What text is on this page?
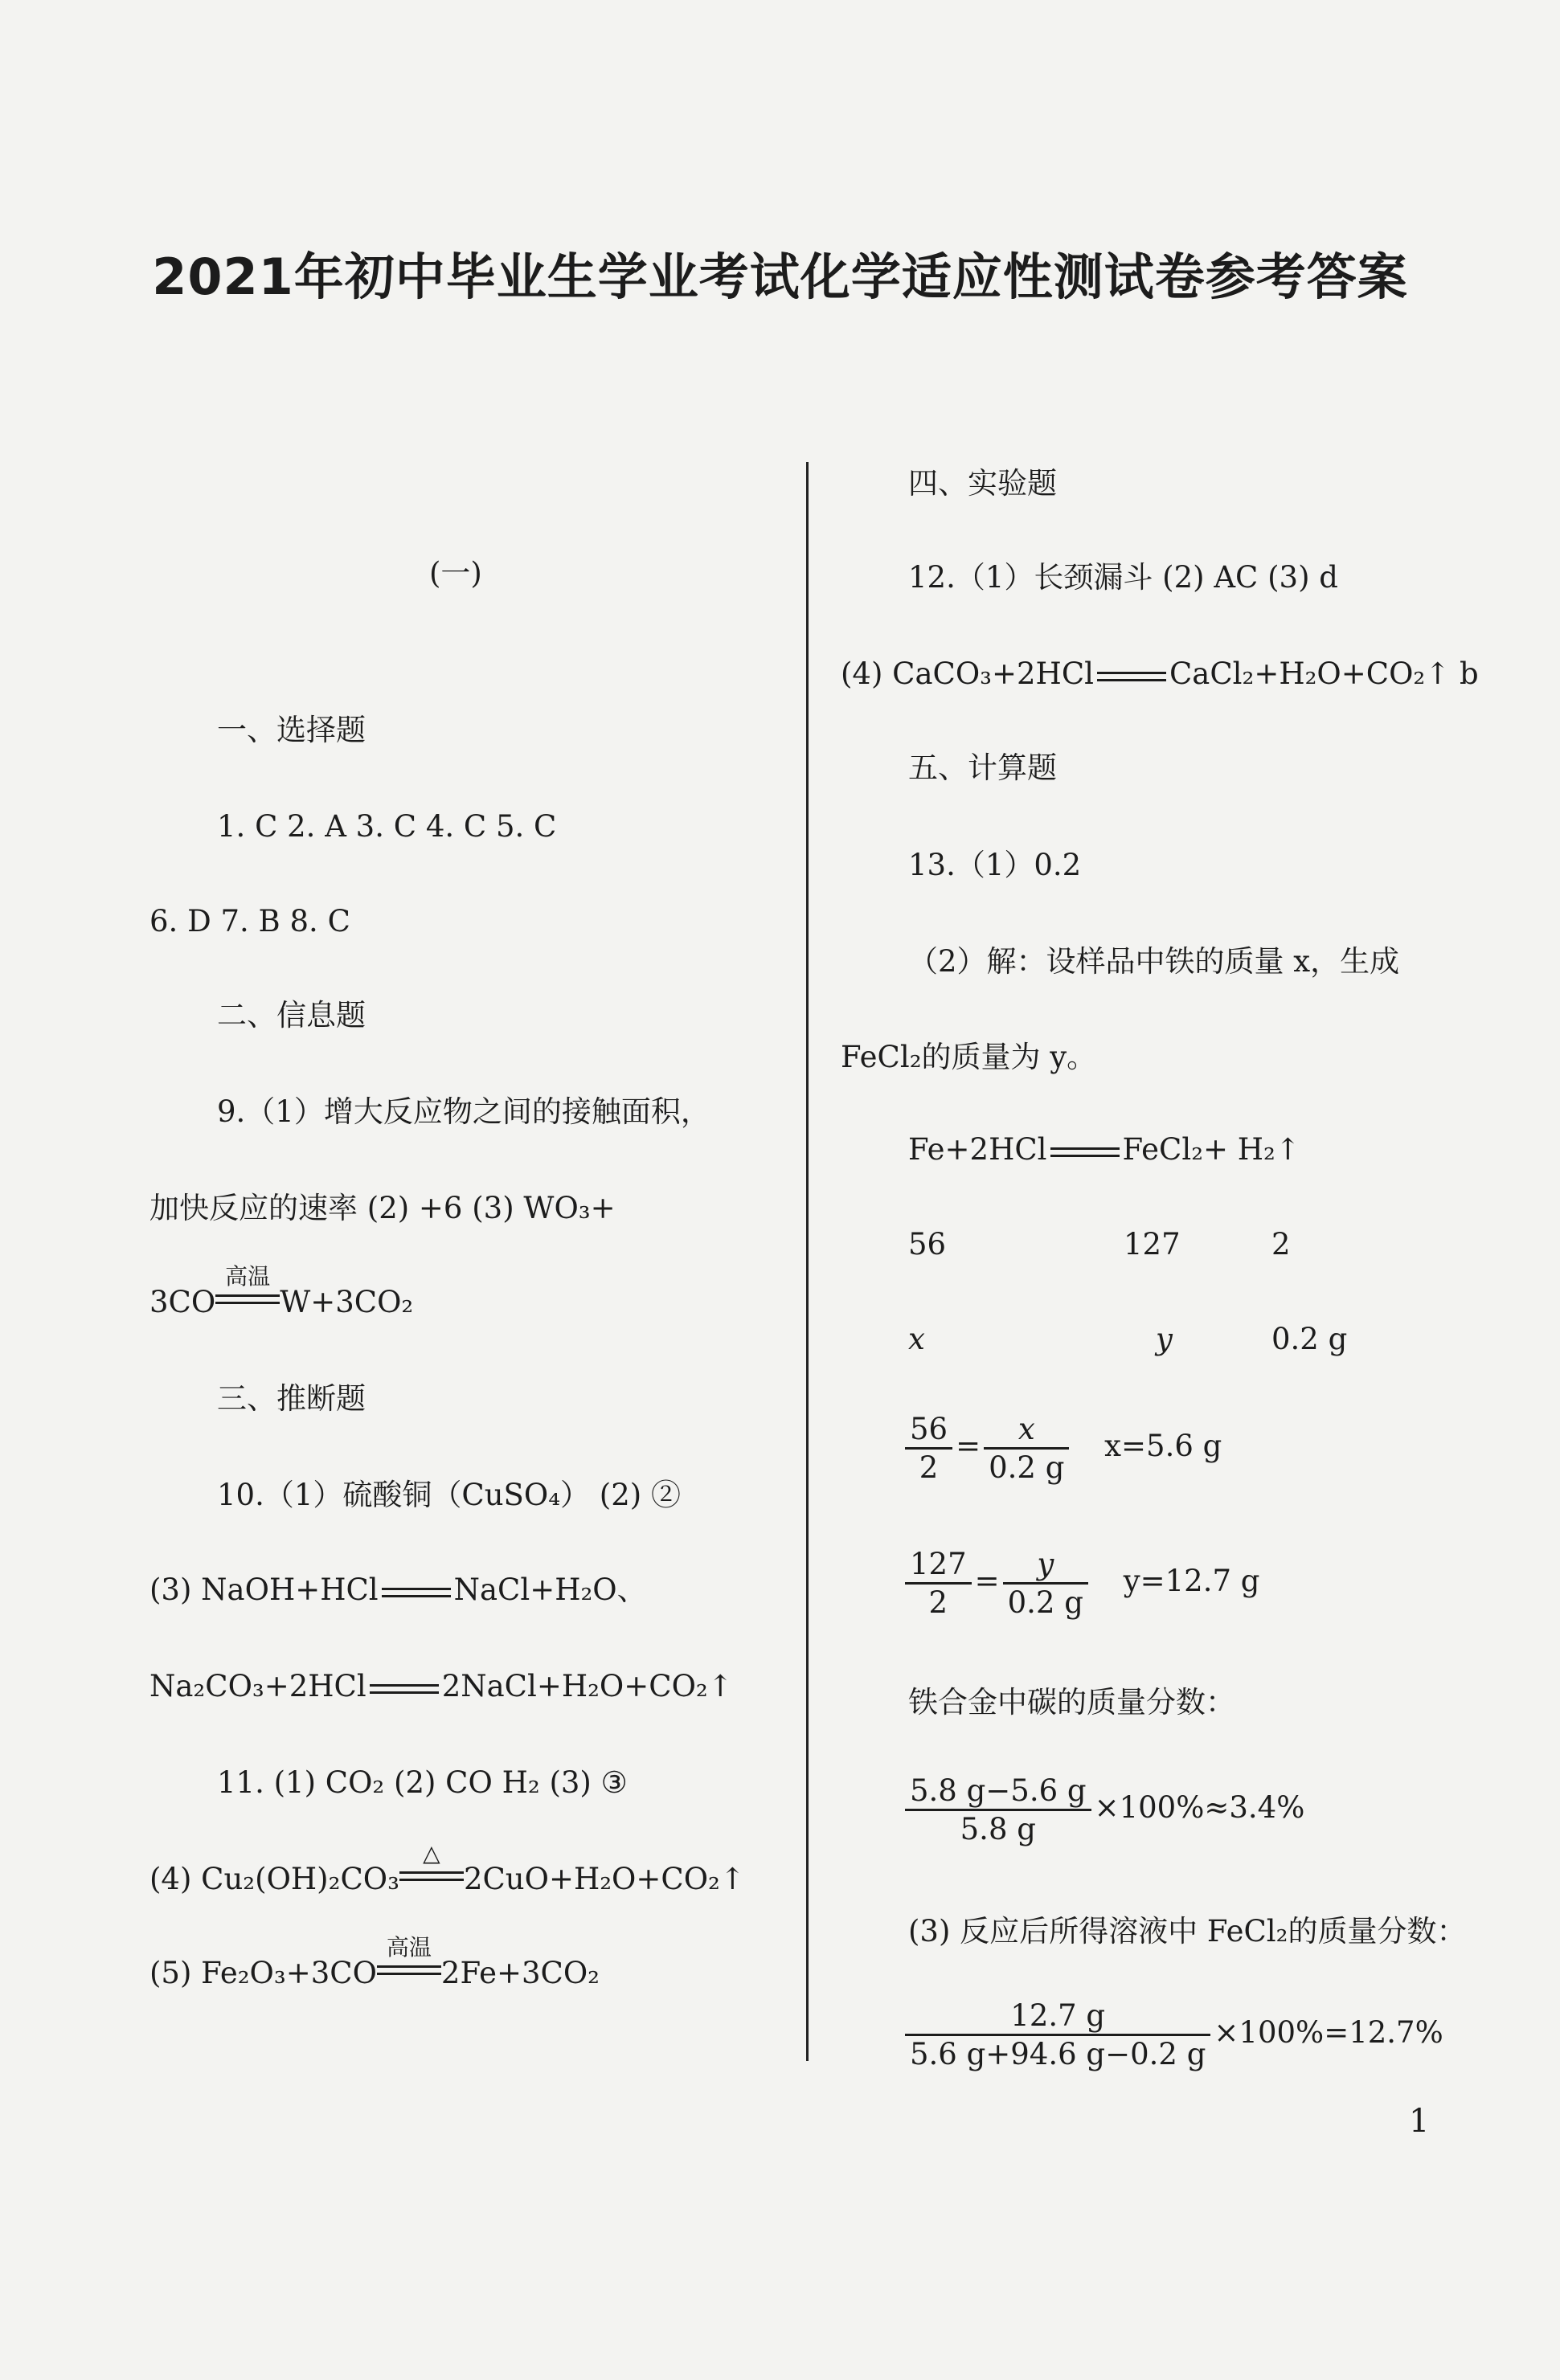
2021年初中毕业生学业考试化学适应性测试卷参考答案
(一)
一、选择题
1. C 2. A 3. C 4. C 5. C
6. D 7. B 8. C
二、信息题
9.（1）增大反应物之间的接触面积，
加快反应的速率 (2) +6 (3) WO₃+
3CO
高温
W+3CO₂
三、推断题
10.（1）硫酸铜（CuSO₄） (2) ②
(3) NaOH+HCl	NaCl+H₂O、
Na₂CO₃+2HCl	2NaCl+H₂O+CO₂↑
11. (1) CO₂ (2) CO H₂ (3) ③
(4) Cu₂(OH)₂CO₃
△
2CuO+H₂O+CO₂↑
(5) Fe₂O₃+3CO
高温
2Fe+3CO₂
四、实验题
12.（1）长颈漏斗 (2) AC (3) d
(4) CaCO₃+2HCl	CaCl₂+H₂O+CO₂↑ b
五、计算题
13.（1）0.2
（2）解：设样品中铁的质量 x，生成
FeCl₂的质量为 y。
Fe+2HCl	FeCl₂+ H₂↑
56	127	2
x	y	0.2 g
$\frac{56}{2} = \frac{x}{0.2 g} x=5.6$ g
$\frac{127}{2} = \frac{y}{0.2 g} y=12.7$ g
铁合金中碳的质量分数：
$\frac{5.8 g-5.6 g}{5.8 g} \times 100\%\approx 3.4\%$
(3) 反应后所得溶液中 FeCl₂的质量分数：
$\frac{12.7 g}{5.6 g+94.6 g-0.2 g} \times 100\%=12.7\%$
1
